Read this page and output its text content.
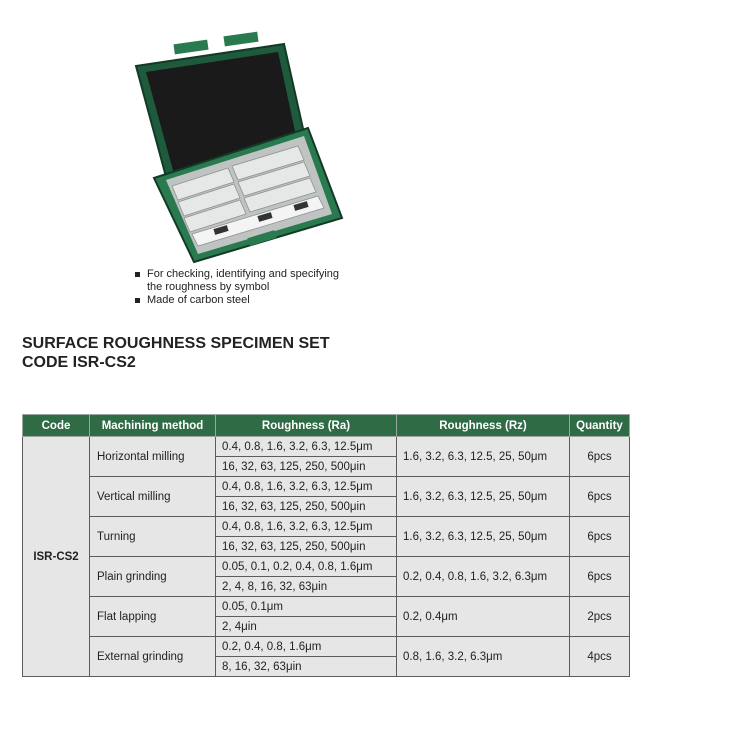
For checking, identifying and specifying
the roughness by symbol
Made of carbon steel
SURFACE ROUGHNESS SPECIMEN SET
CODE ISR-CS2
Code	Machining method	Roughness (Ra)	Roughness (Rz)	Quantity
ISR-CS2	Horizontal milling	0.4, 0.8, 1.6, 3.2, 6.3, 12.5μm	1.6, 3.2, 6.3, 12.5, 25, 50μm	6pcs
		16, 32, 63, 125, 250, 500μin		
	Vertical milling	0.4, 0.8, 1.6, 3.2, 6.3, 12.5μm	1.6, 3.2, 6.3, 12.5, 25, 50μm	6pcs
		16, 32, 63, 125, 250, 500μin		
	Turning	0.4, 0.8, 1.6, 3.2, 6.3, 12.5μm	1.6, 3.2, 6.3, 12.5, 25, 50μm	6pcs
		16, 32, 63, 125, 250, 500μin		
	Plain grinding	0.05, 0.1, 0.2, 0.4, 0.8, 1.6μm	0.2, 0.4, 0.8, 1.6, 3.2, 6.3μm	6pcs
		2, 4, 8, 16, 32, 63μin		
	Flat lapping	0.05, 0.1μm	0.2, 0.4μm	2pcs
		2, 4μin		
	External grinding	0.2, 0.4, 0.8, 1.6μm	0.8, 1.6, 3.2, 6.3μm	4pcs
		8, 16, 32, 63μin		
